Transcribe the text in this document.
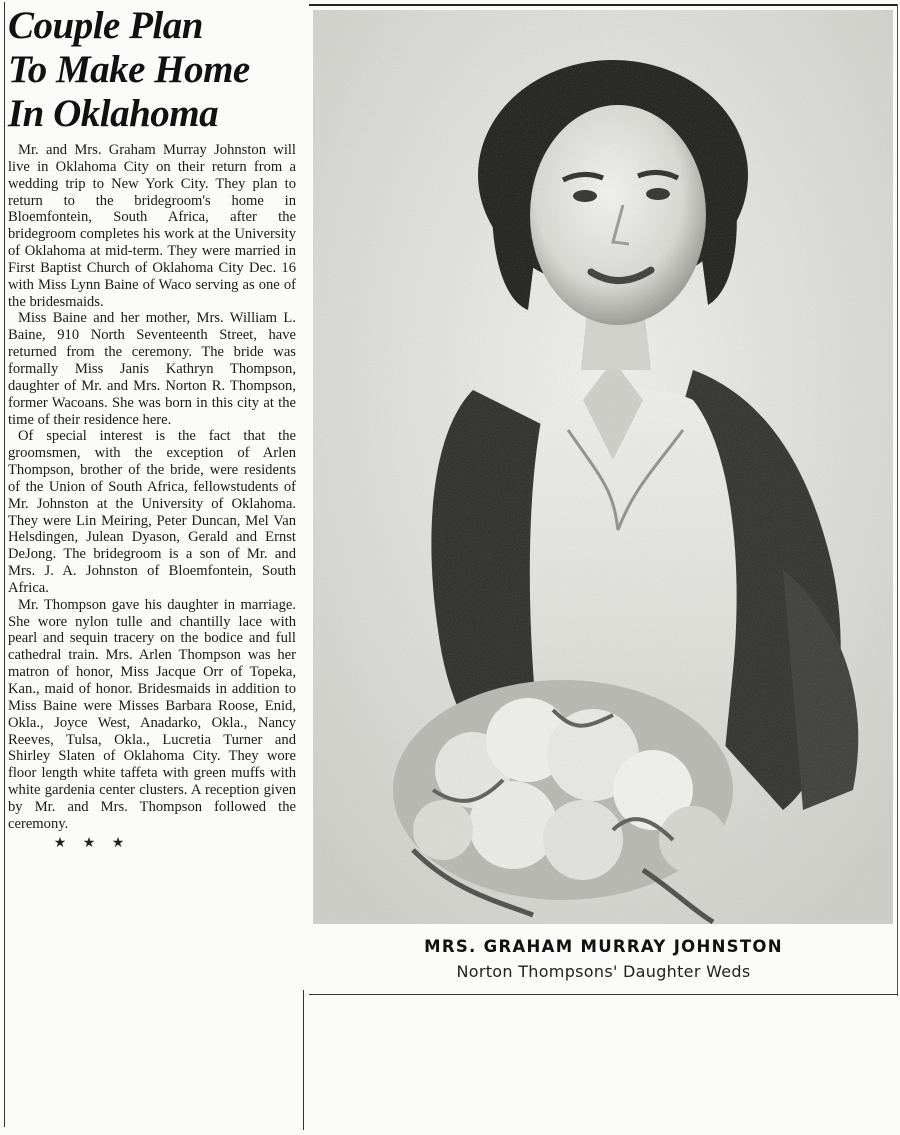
Couple Plan
To Make Home
In Oklahoma

Mr. and Mrs. Graham Murray Johnston will live in Oklahoma City on their return from a wedding trip to New York City. They plan to return to the bridegroom's home in Bloemfontein, South Africa, after the bridegroom completes his work at the University of Oklahoma at mid-term. They were married in First Baptist Church of Oklahoma City Dec. 16 with Miss Lynn Baine of Waco serving as one of the bridesmaids.

Miss Baine and her mother, Mrs. William L. Baine, 910 North Seventeenth Street, have returned from the ceremony. The bride was formally Miss Janis Kathryn Thompson, daughter of Mr. and Mrs. Norton R. Thompson, former Wacoans. She was born in this city at the time of their residence here.

Of special interest is the fact that the groomsmen, with the exception of Arlen Thompson, brother of the bride, were residents of the Union of South Africa, fellowstudents of Mr. Johnston at the University of Oklahoma. They were Lin Meiring, Peter Duncan, Mel Van Helsdingen, Julean Dyason, Gerald and Ernst DeJong. The bridegroom is a son of Mr. and Mrs. J. A. Johnston of Bloemfontein, South Africa.

Mr. Thompson gave his daughter in marriage. She wore nylon tulle and chantilly lace with pearl and sequin tracery on the bodice and full cathedral train. Mrs. Arlen Thompson was her matron of honor, Miss Jacque Orr of Topeka, Kan., maid of honor. Bridesmaids in addition to Miss Baine were Misses Barbara Roose, Enid, Okla., Joyce West, Anadarko, Okla., Nancy Reeves, Tulsa, Okla., Lucretia Turner and Shirley Slaten of Oklahoma City. They wore floor length white taffeta with green muffs with white gardenia center clusters. A reception given by Mr. and Mrs. Thompson followed the ceremony.

★ ★ ★
MRS. GRAHAM MURRAY JOHNSTON
Norton Thompsons' Daughter Weds
